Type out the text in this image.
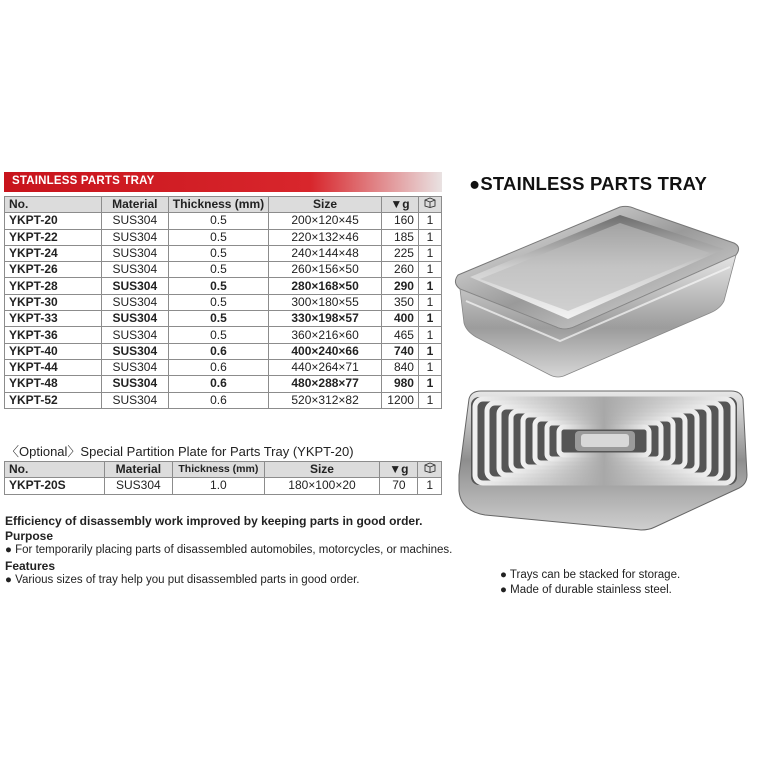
STAINLESS PARTS TRAY
No.	Material	Thickness (mm)	Size	▼g	
YKPT-20	SUS304	0.5	200×120×45	160	1
YKPT-22	SUS304	0.5	220×132×46	185	1
YKPT-24	SUS304	0.5	240×144×48	225	1
YKPT-26	SUS304	0.5	260×156×50	260	1
YKPT-28	SUS304	0.5	280×168×50	290	1
YKPT-30	SUS304	0.5	300×180×55	350	1
YKPT-33	SUS304	0.5	330×198×57	400	1
YKPT-36	SUS304	0.5	360×216×60	465	1
YKPT-40	SUS304	0.6	400×240×66	740	1
YKPT-44	SUS304	0.6	440×264×71	840	1
YKPT-48	SUS304	0.6	480×288×77	980	1
YKPT-52	SUS304	0.6	520×312×82	1200	1
〈Optional〉Special Partition Plate for Parts Tray (YKPT-20)
No.	Material	Thickness (mm)	Size	▼g	
YKPT-20S	SUS304	1.0	180×100×20	70	1
Efficiency of disassembly work improved by keeping parts in good order.
Purpose
● For temporarily placing parts of disassembled automobiles, motorcycles, or machines.
Features
● Various sizes of tray help you put disassembled parts in good order.	● Trays can be stacked for storage.
● Made of durable stainless steel.
●STAINLESS PARTS TRAY
